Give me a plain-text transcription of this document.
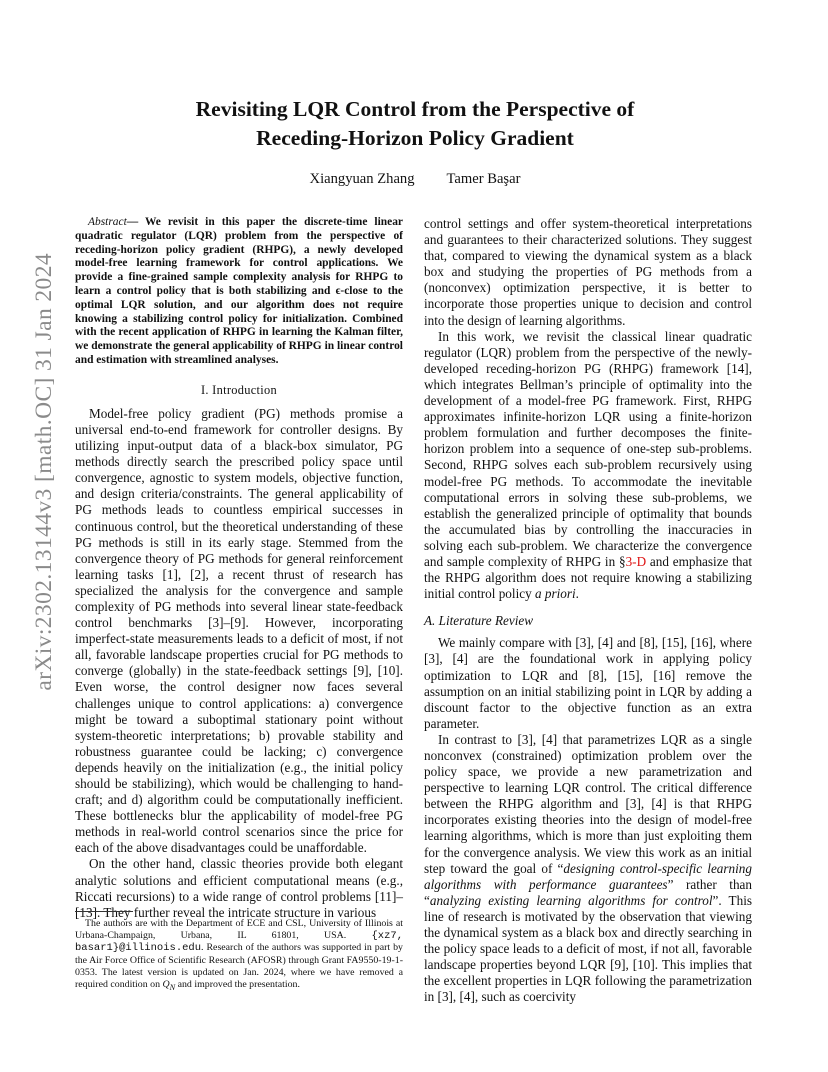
arXiv:2302.13144v3 [math.OC] 31 Jan 2024
Revisiting LQR Control from the Perspective of
Receding-Horizon Policy Gradient
Xiangyuan Zhang Tamer Başar

Abstract— We revisit in this paper the discrete-time linear quadratic regulator (LQR) problem from the perspective of receding-horizon policy gradient (RHPG), a newly developed model-free learning framework for control applications. We provide a fine-grained sample complexity analysis for RHPG to learn a control policy that is both stabilizing and ϵ-close to the optimal LQR solution, and our algorithm does not require knowing a stabilizing control policy for initialization. Combined with the recent application of RHPG in learning the Kalman filter, we demonstrate the general applicability of RHPG in linear control and estimation with streamlined analyses.

I. Introduction

Model-free policy gradient (PG) methods promise a universal end-to-end framework for controller designs. By utilizing input-output data of a black-box simulator, PG methods directly search the prescribed policy space until convergence, agnostic to system models, objective function, and design criteria/constraints. The general applicability of PG methods leads to countless empirical successes in continuous control, but the theoretical understanding of these PG methods is still in its early stage. Stemmed from the convergence theory of PG methods for general reinforcement learning tasks [1], [2], a recent thrust of research has specialized the analysis for the convergence and sample complexity of PG methods into several linear state-feedback control benchmarks [3]–[9]. However, incorporating imperfect-state measurements leads to a deficit of most, if not all, favorable landscape properties crucial for PG methods to converge (globally) in the state-feedback settings [9], [10]. Even worse, the control designer now faces several challenges unique to control applications: a) convergence might be toward a suboptimal stationary point without system-theoretic interpretations; b) provable stability and robustness guarantee could be lacking; c) convergence depends heavily on the initialization (e.g., the initial policy should be stabilizing), which would be challenging to hand-craft; and d) algorithm could be computationally inefficient. These bottlenecks blur the applicability of model-free PG methods in real-world control scenarios since the price for each of the above disadvantages could be unaffordable.

On the other hand, classic theories provide both elegant analytic solutions and efficient computational means (e.g., Riccati recursions) to a wide range of control problems [11]–[13]. They further reveal the intricate structure in various

control settings and offer system-theoretical interpretations and guarantees to their characterized solutions. They suggest that, compared to viewing the dynamical system as a black box and studying the properties of PG methods from a (nonconvex) optimization perspective, it is better to incorporate those properties unique to decision and control into the design of learning algorithms.

In this work, we revisit the classical linear quadratic regulator (LQR) problem from the perspective of the newly-developed receding-horizon PG (RHPG) framework [14], which integrates Bellman’s principle of optimality into the development of a model-free PG framework. First, RHPG approximates infinite-horizon LQR using a finite-horizon problem formulation and further decomposes the finite-horizon problem into a sequence of one-step sub-problems. Second, RHPG solves each sub-problem recursively using model-free PG methods. To accommodate the inevitable computational errors in solving these sub-problems, we establish the generalized principle of optimality that bounds the accumulated bias by controlling the inaccuracies in solving each sub-problem. We characterize the convergence and sample complexity of RHPG in §3-D and emphasize that the RHPG algorithm does not require knowing a stabilizing initial control policy a priori.

A. Literature Review

We mainly compare with [3], [4] and [8], [15], [16], where [3], [4] are the foundational work in applying policy optimization to LQR and [8], [15], [16] remove the assumption on an initial stabilizing point in LQR by adding a discount factor to the objective function as an extra parameter.

In contrast to [3], [4] that parametrizes LQR as a single nonconvex (constrained) optimization problem over the policy space, we provide a new parametrization and perspective to learning LQR control. The critical difference between the RHPG algorithm and [3], [4] is that RHPG incorporates existing theories into the design of model-free learning algorithms, which is more than just exploiting them for the convergence analysis. We view this work as an initial step toward the goal of “designing control-specific learning algorithms with performance guarantees” rather than “analyzing existing learning algorithms for control”. This line of research is motivated by the observation that viewing the dynamical system as a black box and directly searching in the policy space leads to a deficit of most, if not all, favorable landscape properties beyond LQR [9], [10]. This implies that the excellent properties in LQR following the parametrization in [3], [4], such as coercivity

The authors are with the Department of ECE and CSL, University of Illinois at Urbana-Champaign, Urbana, IL 61801, USA. {xz7, basar1}@illinois.edu. Research of the authors was supported in part by the Air Force Office of Scientific Research (AFOSR) through Grant FA9550-19-1-0353. The latest version is updated on Jan. 2024, where we have removed a required condition on $Q_N$ and improved the presentation.
